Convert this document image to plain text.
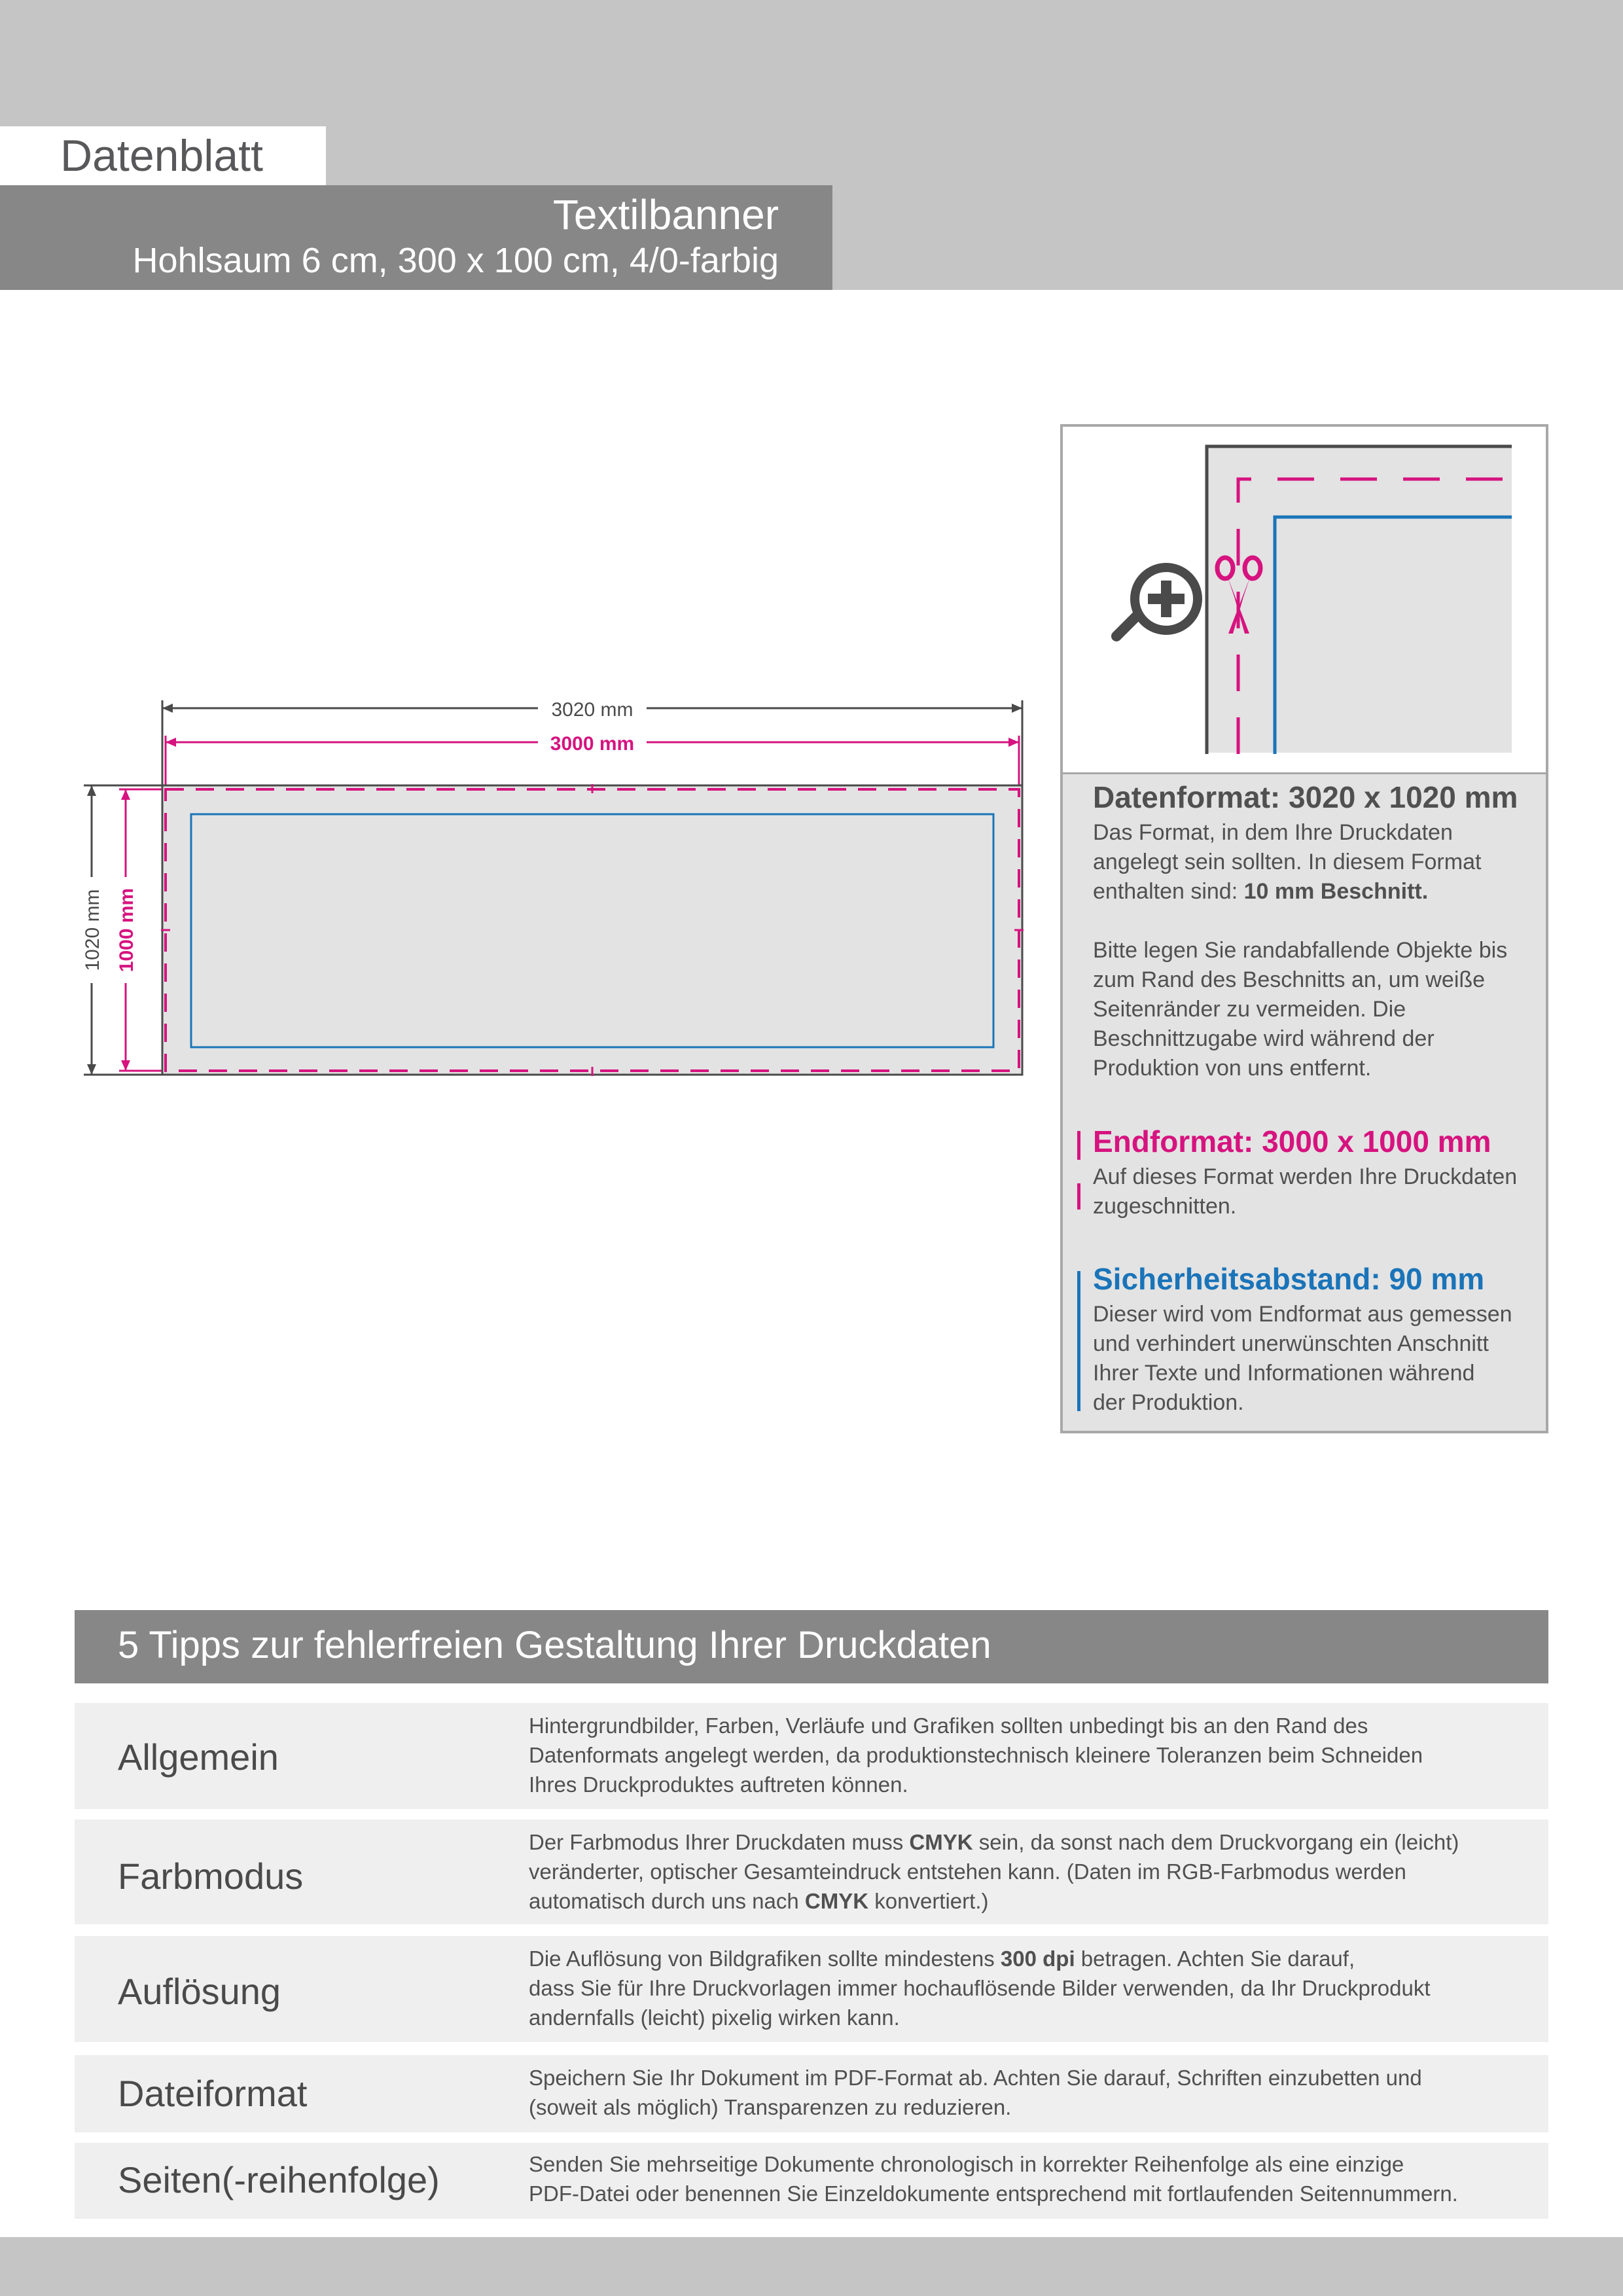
Datenblatt
Textilbanner
Hohlsaum 6 cm, 300 x 100 cm, 4/0-farbig
3020 mm
3000 mm
1020 mm 1000 mm
Datenformat: 3020 x 1020 mm
Das Format, in dem Ihre Druckdaten
angelegt sein sollten. In diesem Format
enthalten sind: 10 mm Beschnitt.
Bitte legen Sie randabfallende Objekte bis
zum Rand des Beschnitts an, um weiße
Seitenränder zu vermeiden. Die
Beschnittzugabe wird während der
Produktion von uns entfernt.
Endformat: 3000 x 1000 mm
Auf dieses Format werden Ihre Druckdaten
zugeschnitten.
Sicherheitsabstand: 90 mm
Dieser wird vom Endformat aus gemessen
und verhindert unerwünschten Anschnitt
Ihrer Texte und Informationen während
der Produktion.
5 Tipps zur fehlerfreien Gestaltung Ihrer Druckdaten
Allgemein
Hintergrundbilder, Farben, Verläufe und Grafiken sollten unbedingt bis an den Rand des
Datenformats angelegt werden, da produktionstechnisch kleinere Toleranzen beim Schneiden
Ihres Druckproduktes auftreten können.
Farbmodus
Der Farbmodus Ihrer Druckdaten muss CMYK sein, da sonst nach dem Druckvorgang ein (leicht)
veränderter, optischer Gesamteindruck entstehen kann. (Daten im RGB-Farbmodus werden
automatisch durch uns nach CMYK konvertiert.)
Auflösung
Die Auflösung von Bildgrafiken sollte mindestens 300 dpi betragen. Achten Sie darauf,
dass Sie für Ihre Druckvorlagen immer hochauflösende Bilder verwenden, da Ihr Druckprodukt
andernfalls (leicht) pixelig wirken kann.
Dateiformat	Speichern Sie Ihr Dokument im PDF-Format ab. Achten Sie darauf, Schriften einzubetten und
(soweit als möglich) Transparenzen zu reduzieren.
Seiten(-reihenfolge)	Senden Sie mehrseitige Dokumente chronologisch in korrekter Reihenfolge als eine einzige
PDF-Datei oder benennen Sie Einzeldokumente entsprechend mit fortlaufenden Seitennummern.
